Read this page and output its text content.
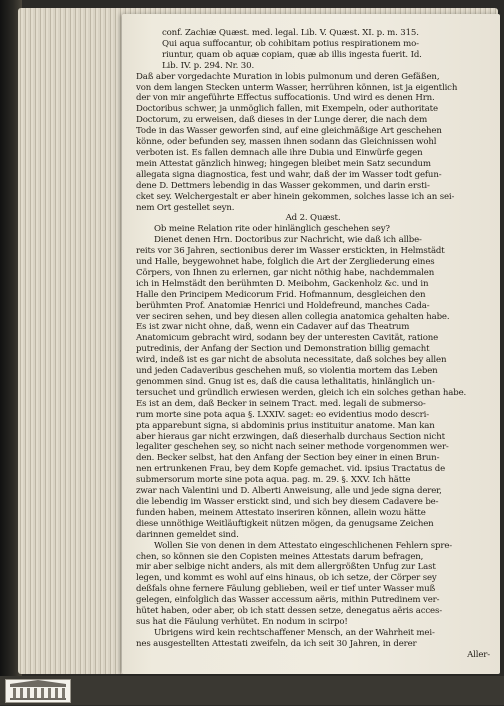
conf. Zachiæ Quæst. med. legal. Lib. V. Quæst. XI. p. m. 315.
Qui aqua suffocantur, ob cohibitam potius respirationem mo-
riuntur, quam ob aquæ copiam, quæ ab illis ingesta fuerit. Id.
Lib. IV. p. 294. Nr. 30.
Daß aber vorgedachte Muration in lobis pulmonum und deren Gefäßen,
von dem langen Stecken unterm Wasser, herrühren können, ist ja eigentlich
der von mir angeführte Effectus suffocationis. Und wird es denen Hrn.
Doctoribus schwer, ja unmöglich fallen, mit Exempeln, oder authoritate
Doctorum, zu erweisen, daß dieses in der Lunge derer, die nach dem
Tode in das Wasser geworfen sind, auf eine gleichmäßige Art geschehen
könne, oder befunden sey, massen ihnen sodann das Gleichnissen wohl
verboten ist. Es fallen demnach alle ihre Dubia und Einwürfe gegen
mein Attestat gänzlich hinweg; hingegen bleibet mein Satz secundum
allegata signa diagnostica, fest und wahr, daß der im Wasser todt gefun-
dene D. Dettmers lebendig in das Wasser gekommen, und darin ersti-
cket sey. Welchergestalt er aber hinein gekommen, solches lasse ich an sei-
nem Ort gestellet seyn.
Ad 2. Quæst.
Ob meine Relation rite oder hinlänglich geschehen sey?
Dienet denen Hrn. Doctoribus zur Nachricht, wie daß ich allbe-
reits vor 36 Jahren, sectionibus derer im Wasser erstickten, in Helmstädt
und Halle, beygewohnet habe, folglich die Art der Zergliederung eines
Cörpers, von Ihnen zu erlernen, gar nicht nöthig habe, nachdemmalen
ich in Helmstädt den berühmten D. Meibohm, Gackenholz &c. und in
Halle den Principem Medicorum Frid. Hofmannum, desgleichen den
berühmten Prof. Anatomiæ Henrici und Holdefreund, manches Cada-
ver seciren sehen, und bey diesen allen collegia anatomica gehalten habe.
Es ist zwar nicht ohne, daß, wenn ein Cadaver auf das Theatrum
Anatomicum gebracht wird, sodann bey der unteresten Cavität, ratione
putredinis, der Anfang der Section und Demonstration billig gemacht
wird, indeß ist es gar nicht de absoluta necessitate, daß solches bey allen
und jeden Cadaveribus geschehen muß, so violentia mortem das Leben
genommen sind. Gnug ist es, daß die causa lethalitatis, hinlänglich un-
tersuchet und gründlich erwiesen werden, gleich ich ein solches gethan habe.
Es ist an dem, daß Becker in seinem Tract. med. legali de submerso-
rum morte sine pota aqua §. LXXIV. saget: eo evidentius modo descri-
pta apparebunt signa, si abdominis prius instituitur anatome. Man kan
aber hieraus gar nicht erzwingen, daß dieserhalb durchaus Section nicht
legaliter geschehen sey, so nicht nach seiner methode vorgenommen wer-
den. Becker selbst, hat den Anfang der Section bey einer in einen Brun-
nen ertrunkenen Frau, bey dem Kopfe gemachet. vid. ipsius Tractatus de
submersorum morte sine pota aqua. pag. m. 29. §. XXV. Ich hätte
zwar nach Valentini und D. Alberti Anweisung, alle und jede signa derer,
die lebendig im Wasser erstickt sind, und sich bey diesem Cadavere be-
funden haben, meinem Attestato inseriren können, allein wozu hätte
diese unnöthige Weitläuftigkeit nützen mögen, da genugsame Zeichen
darinnen gemeldet sind.
Wollen Sie von denen in dem Attestato eingeschlichenen Fehlern spre-
chen, so können sie den Copisten meines Attestats darum befragen,
mir aber selbige nicht anders, als mit dem allergrößten Unfug zur Last
legen, und kommt es wohl auf eins hinaus, ob ich setze, der Cörper sey
deßfals ohne fernere Fäulung geblieben, weil er tief unter Wasser muß
gelegen, einfolglich das Wasser accessum aëris, mithin Putredinem ver-
hütet haben, oder aber, ob ich statt dessen setze, denegatus aëris acces-
sus hat die Fäulung verhütet. En nodum in scirpo!
Ubrigens wird kein rechtschaffener Mensch, an der Wahrheit mei-
nes ausgestellten Attestati zweifeln, da ich seit 30 Jahren, in derer
Aller-
